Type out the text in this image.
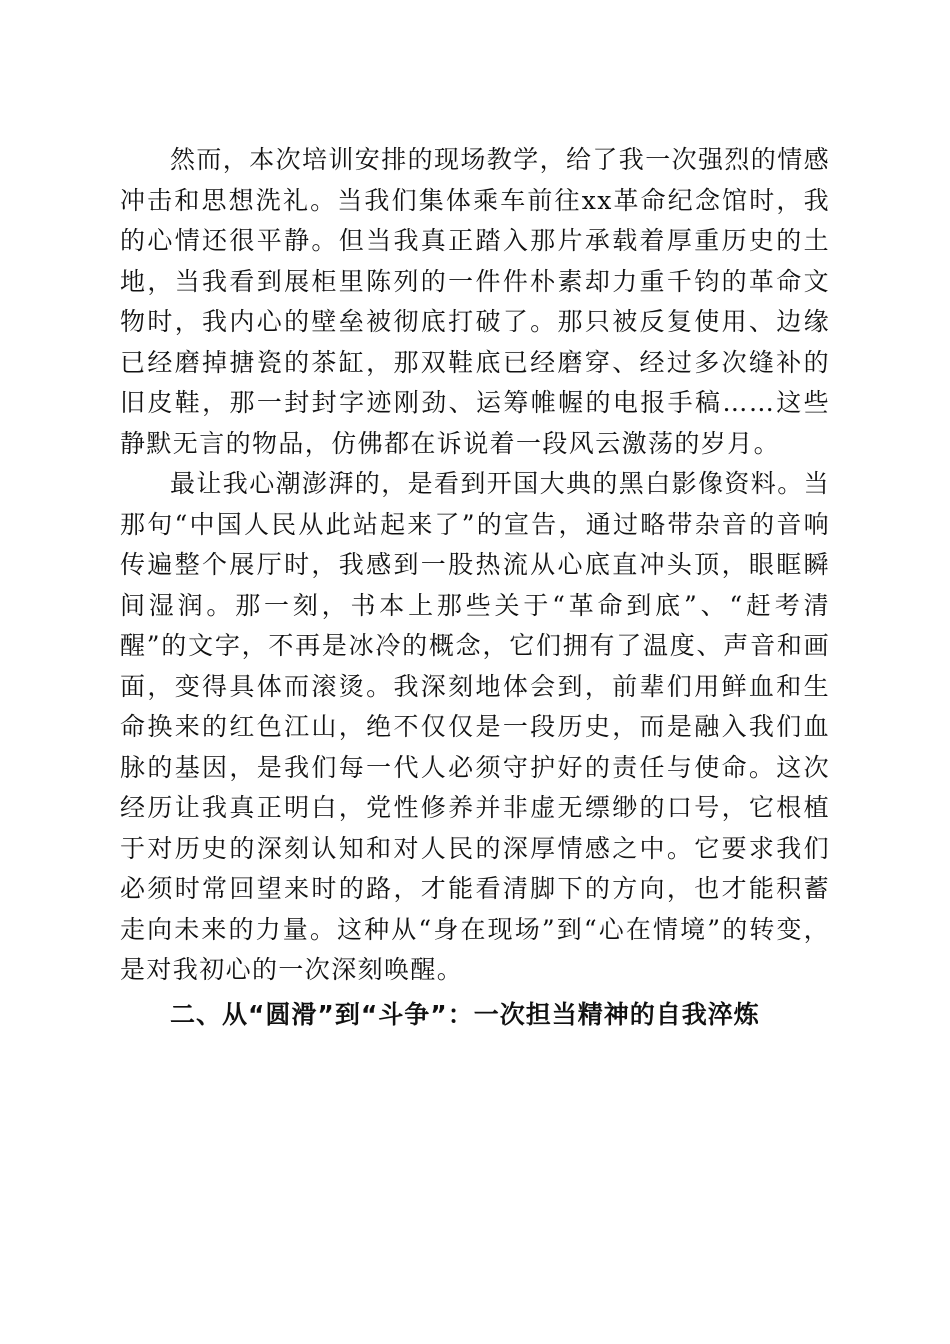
然而，本次培训安排的现场教学，给了我一次强烈的情感冲击和思想洗礼。当我们集体乘车前往xx革命纪念馆时，我的心情还很平静。但当我真正踏入那片承载着厚重历史的土地，当我看到展柜里陈列的一件件朴素却力重千钧的革命文物时，我内心的壁垒被彻底打破了。那只被反复使用、边缘已经磨掉搪瓷的茶缸，那双鞋底已经磨穿、经过多次缝补的旧皮鞋，那一封封字迹刚劲、运筹帷幄的电报手稿……这些静默无言的物品，仿佛都在诉说着一段风云激荡的岁月。

最让我心潮澎湃的，是看到开国大典的黑白影像资料。当那句“中国人民从此站起来了”的宣告，通过略带杂音的音响传遍整个展厅时，我感到一股热流从心底直冲头顶，眼眶瞬间湿润。那一刻，书本上那些关于“革命到底”、“赶考清醒”的文字，不再是冰冷的概念，它们拥有了温度、声音和画面，变得具体而滚烫。我深刻地体会到，前辈们用鲜血和生命换来的红色江山，绝不仅仅是一段历史，而是融入我们血脉的基因，是我们每一代人必须守护好的责任与使命。这次经历让我真正明白，党性修养并非虚无缥缈的口号，它根植于对历史的深刻认知和对人民的深厚情感之中。它要求我们必须时常回望来时的路，才能看清脚下的方向，也才能积蓄走向未来的力量。这种从“身在现场”到“心在情境”的转变，是对我初心的一次深刻唤醒。

二、从“圆滑”到“斗争”：一次担当精神的自我淬炼
